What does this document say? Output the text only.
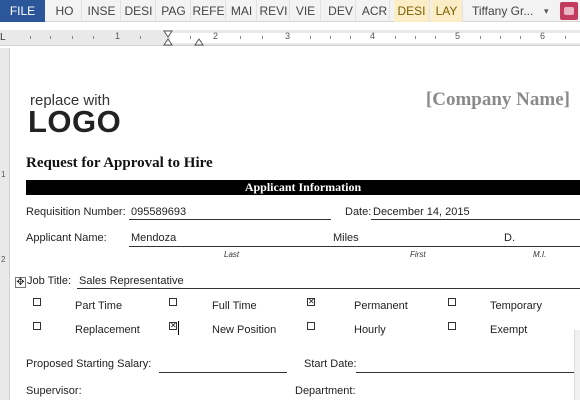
FILE	HO	INSE DESI PAG REFE MAI REVI VIE	DEV ACR DESI LAY	Tiffany Gr... ▾
1	2	3	4	5	6
L
1
2
replace with
LOGO
[Company Name]
Request for Approval to Hire
Applicant Information
Requisition Number: 095589693	Date: December 14, 2015
Applicant Name: Mendoza	Miles	D.
Last	First	M.I.
✥ Job Title: Sales Representative
Part Time	Full Time	✕	Permanent	Temporary
Replacement	✕	New Position	Hourly	Exempt
Proposed Starting Salary:	Start Date:
Supervisor:	Department:
